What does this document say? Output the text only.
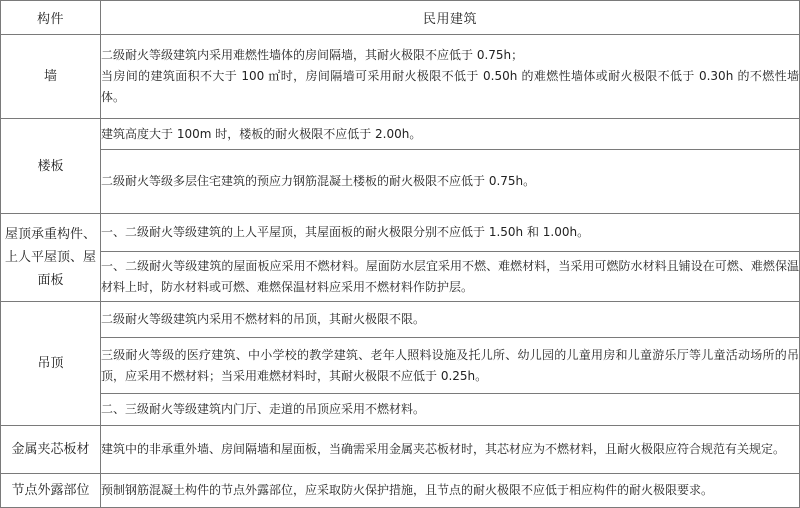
构件	民用建筑
墙	二级耐火等级建筑内采用难燃性墙体的房间隔墙，其耐火极限不应低于 0.75h；

当房间的建筑面积不大于 100 ㎡时，房间隔墙可采用耐火极限不低于 0.50h 的难燃性墙体或耐火极限不低于 0.30h 的不燃性墙体。

楼板	建筑高度大于 100m 时，楼板的耐火极限不应低于 2.00h。

	二级耐火等级多层住宅建筑的预应力钢筋混凝土楼板的耐火极限不应低于 0.75h。

屋顶承重构件、上人平屋顶、屋面板	一、二级耐火等级建筑的上人平屋顶，其屋面板的耐火极限分别不应低于 1.50h 和 1.00h。

	一、二级耐火等级建筑的屋面板应采用不燃材料。屋面防水层宜采用不燃、难燃材料，当采用可燃防水材料且铺设在可燃、难燃保温材料上时，防水材料或可燃、难燃保温材料应采用不燃材料作防护层。

吊顶	二级耐火等级建筑内采用不燃材料的吊顶，其耐火极限不限。

	三级耐火等级的医疗建筑、中小学校的教学建筑、老年人照料设施及托儿所、幼儿园的儿童用房和儿童游乐厅等儿童活动场所的吊顶，应采用不燃材料；当采用难燃材料时，其耐火极限不应低于 0.25h。

	二、三级耐火等级建筑内门厅、走道的吊顶应采用不燃材料。

金属夹芯板材	建筑中的非承重外墙、房间隔墙和屋面板，当确需采用金属夹芯板材时，其芯材应为不燃材料，且耐火极限应符合规范有关规定。

节点外露部位	预制钢筋混凝土构件的节点外露部位，应采取防火保护措施，且节点的耐火极限不应低于相应构件的耐火极限要求。
